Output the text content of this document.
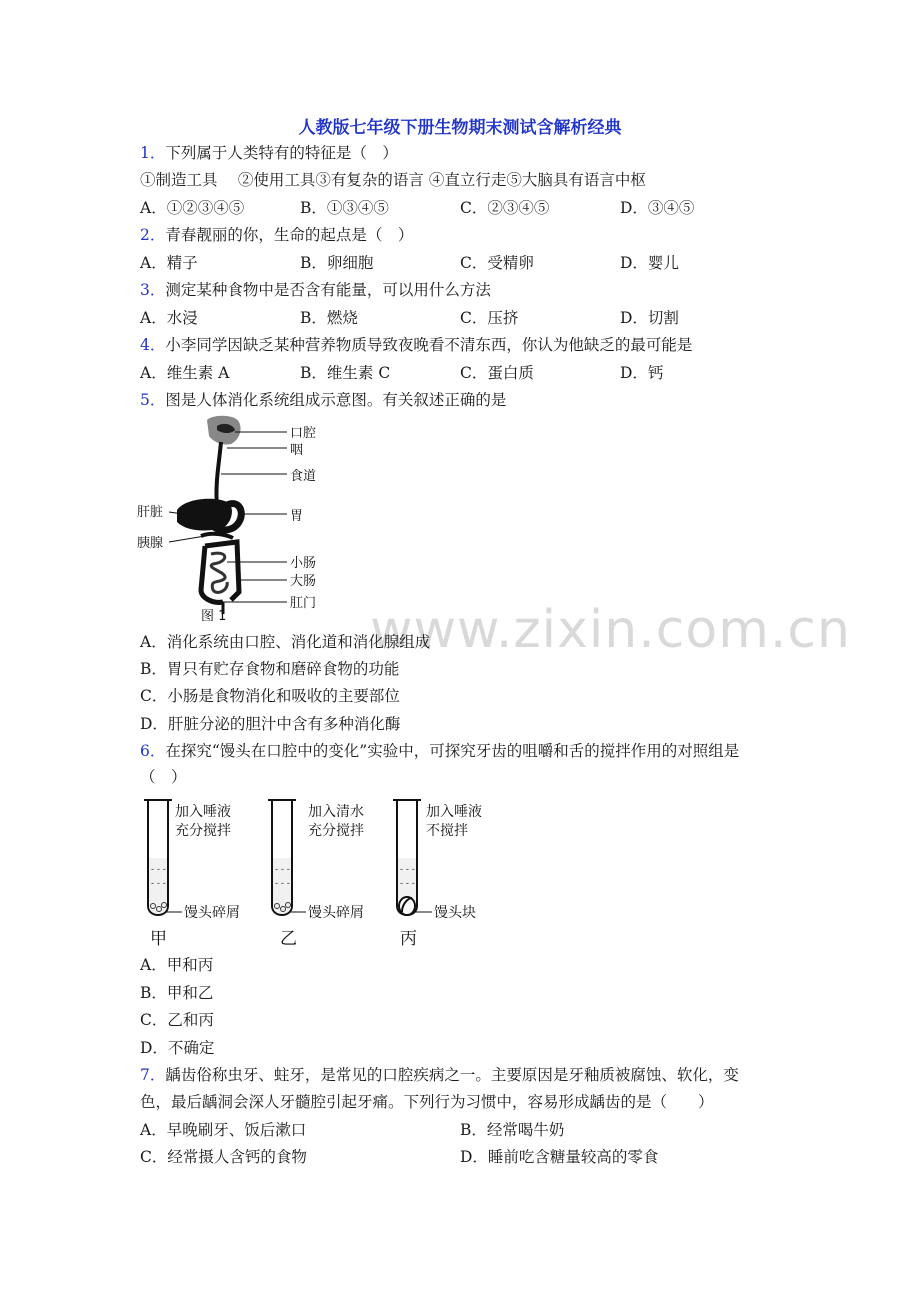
人教版七年级下册生物期末测试含解析经典
www.zixin.com.cn
1．下列属于人类特有的特征是（　）
①制造工具　 ②使用工具③有复杂的语言 ④直立行走⑤大脑具有语言中枢
A．①②③④⑤	B．①③④⑤	C．②③④⑤	D．③④⑤
2．青春靓丽的你，生命的起点是（　）
A．精子	B．卵细胞	C．受精卵	D．婴儿
3．测定某种食物中是否含有能量，可以用什么方法
A．水浸	B．燃烧	C．压挤	D．切割
4．小李同学因缺乏某种营养物质导致夜晚看不清东西，你认为他缺乏的最可能是
A．维生素 A	B．维生素 C	C．蛋白质	D．钙
5．图是人体消化系统组成示意图。有关叙述正确的是
口腔
咽
食道
胃
小肠
大肠
肛门
肝脏
胰腺
图 1
A．消化系统由口腔、消化道和消化腺组成
B．胃只有贮存食物和磨碎食物的功能
C．小肠是食物消化和吸收的主要部位
D．肝脏分泌的胆汁中含有多种消化酶
6．在探究“馒头在口腔中的变化”实验中，可探究牙齿的咀嚼和舌的搅拌作用的对照组是
（　）
- - -
- - -
加入唾液
充分搅拌
馒头碎屑
甲
- - -
- - -
加入清水
充分搅拌
馒头碎屑
乙
- - -
- - -
加入唾液
不搅拌
馒头块
丙
A．甲和丙
B．甲和乙
C．乙和丙
D．不确定
7．龋齿俗称虫牙、蛀牙，是常见的口腔疾病之一。主要原因是牙釉质被腐蚀、软化，变
色，最后龋洞会深人牙髓腔引起牙痛。下列行为习惯中，容易形成龋齿的是（　　）
A．早晚刷牙、饭后漱口	B．经常喝牛奶
C．经常摄人含钙的食物	D．睡前吃含糖量较高的零食
